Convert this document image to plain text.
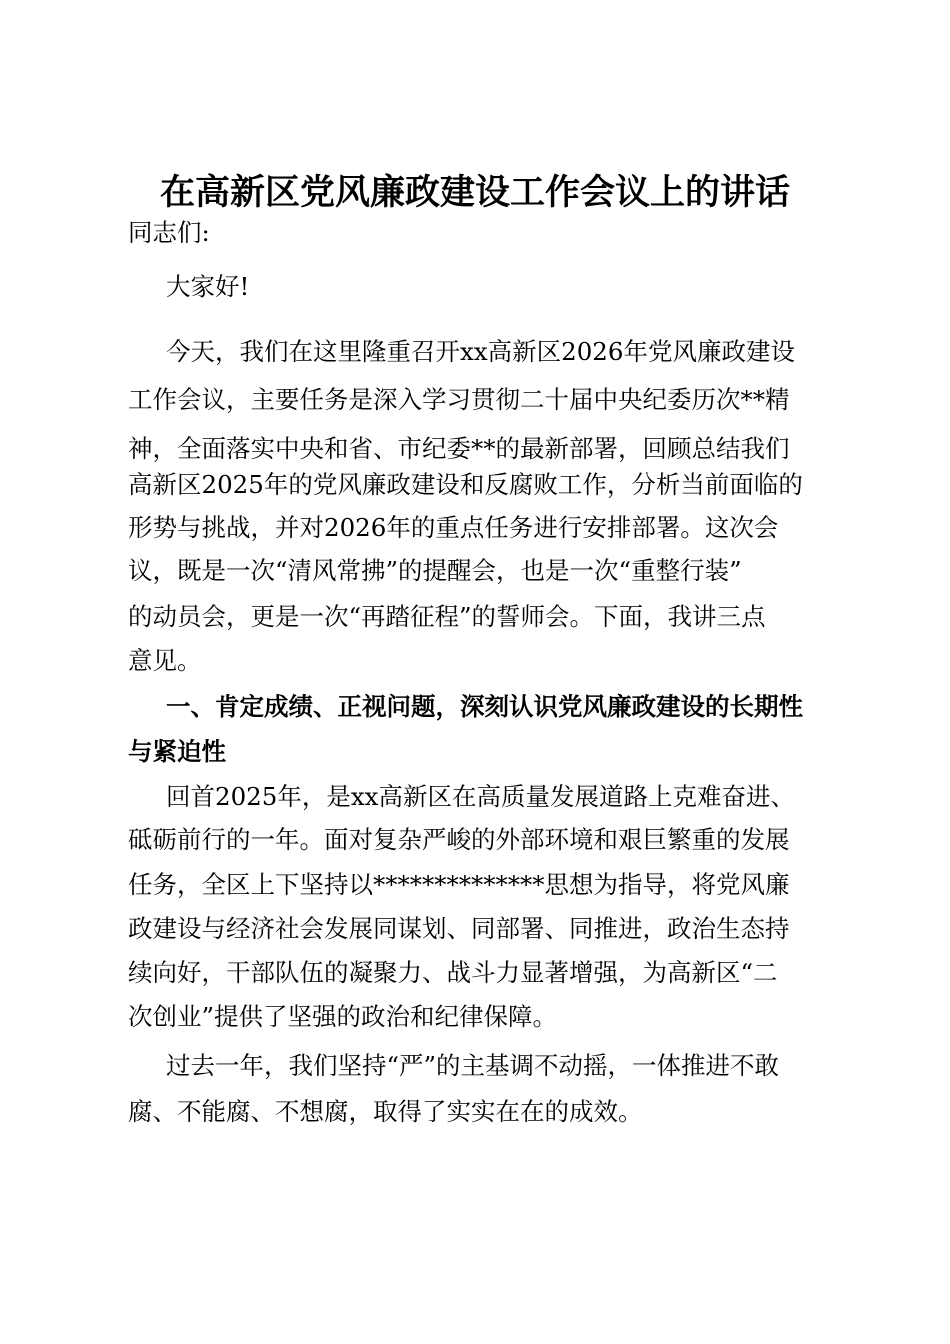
在高新区党风廉政建设工作会议上的讲话
同志们:
大家好!
今天，我们在这里隆重召开xx高新区2026年党风廉政建设
工作会议，主要任务是深入学习贯彻二十届中央纪委历次**精
神，全面落实中央和省、市纪委**的最新部署，回顾总结我们
高新区2025年的党风廉政建设和反腐败工作，分析当前面临的
形势与挑战，并对2026年的重点任务进行安排部署。这次会
议，既是一次“清风常拂”的提醒会，也是一次“重整行装”
的动员会，更是一次“再踏征程”的誓师会。下面，我讲三点
意见。
一、肯定成绩、正视问题，深刻认识党风廉政建设的长期性
与紧迫性
回首2025年，是xx高新区在高质量发展道路上克难奋进、
砥砺前行的一年。面对复杂严峻的外部环境和艰巨繁重的发展
任务，全区上下坚持以**************思想为指导，将党风廉
政建设与经济社会发展同谋划、同部署、同推进，政治生态持
续向好，干部队伍的凝聚力、战斗力显著增强，为高新区“二
次创业”提供了坚强的政治和纪律保障。
过去一年，我们坚持“严”的主基调不动摇，一体推进不敢
腐、不能腐、不想腐，取得了实实在在的成效。
